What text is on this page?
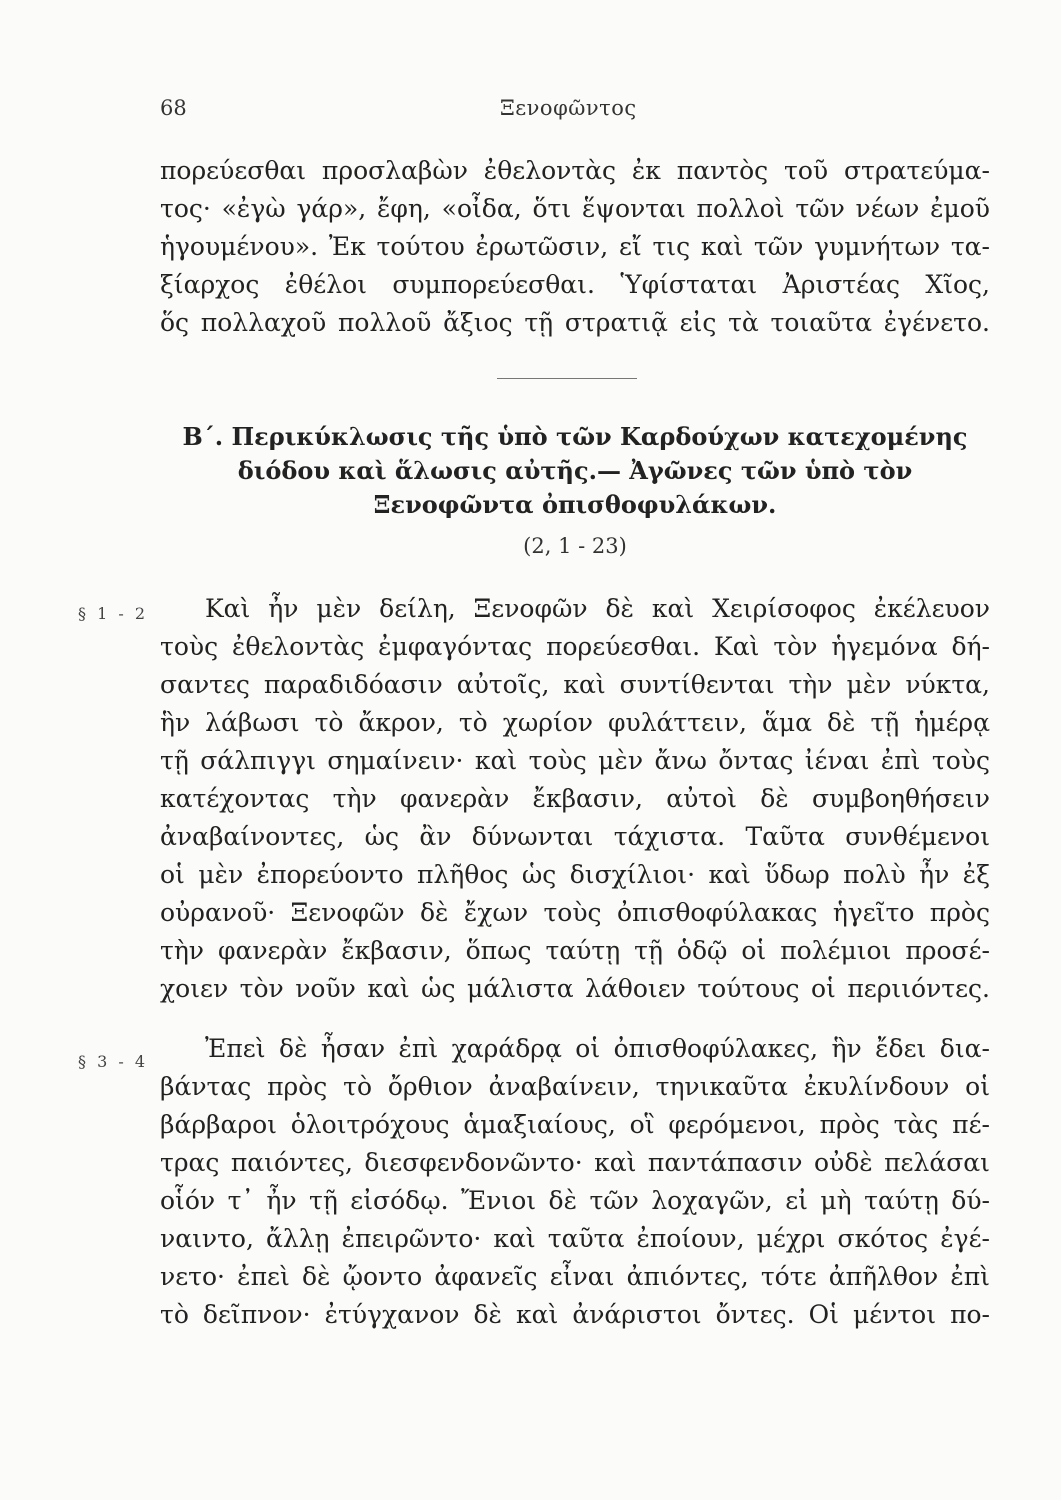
68	Ξενοφῶντος
πορεύεσθαι προσλαβὼν ἐθελοντὰς ἐκ παντὸς τοῦ στρατεύμα-
τος· «ἐγὼ γάρ», ἔφη, «οἶδα, ὅτι ἕψονται πολλοὶ τῶν νέων ἐμοῦ
ἡγουμένου». Ἐκ τούτου ἐρωτῶσιν, εἴ τις καὶ τῶν γυμνήτων τα-
ξίαρχος ἐθέλοι συμπορεύεσθαι. Ὑφίσταται Ἀριστέας Χῖος,
ὅς πολλαχοῦ πολλοῦ ἄξιος τῇ στρατιᾷ εἰς τὰ τοιαῦτα ἐγένετο.
Β΄. Περικύκλωσις τῆς ὑπὸ τῶν Καρδούχων κατεχομένης
διόδου καὶ ἅλωσις αὐτῆς.— Ἀγῶνες τῶν ὑπὸ τὸν
Ξενοφῶντα ὀπισθοφυλάκων.
(2, 1 - 23)
§ 1 - 2
§ 3 - 4
Καὶ ἦν μὲν δείλη, Ξενοφῶν δὲ καὶ Χειρίσοφος ἐκέλευον
τοὺς ἐθελοντὰς ἐμφαγόντας πορεύεσθαι. Καὶ τὸν ἡγεμόνα δή-
σαντες παραδιδόασιν αὐτοῖς, καὶ συντίθενται τὴν μὲν νύκτα,
ἣν λάβωσι τὸ ἄκρον, τὸ χωρίον φυλάττειν, ἅμα δὲ τῇ ἡμέρᾳ
τῇ σάλπιγγι σημαίνειν· καὶ τοὺς μὲν ἄνω ὄντας ἰέναι ἐπὶ τοὺς
κατέχοντας τὴν φανερὰν ἔκβασιν, αὐτοὶ δὲ συμβοηθήσειν
ἀναβαίνοντες, ὡς ἂν δύνωνται τάχιστα. Ταῦτα συνθέμενοι
οἱ μὲν ἐπορεύοντο πλῆθος ὡς δισχίλιοι· καὶ ὕδωρ πολὺ ἦν ἐξ
οὐρανοῦ· Ξενοφῶν δὲ ἔχων τοὺς ὀπισθοφύλακας ἡγεῖτο πρὸς
τὴν φανερὰν ἔκβασιν, ὅπως ταύτῃ τῇ ὁδῷ οἱ πολέμιοι προσέ-
χοιεν τὸν νοῦν καὶ ὡς μάλιστα λάθοιεν τούτους οἱ περιιόντες.
Ἐπεὶ δὲ ἦσαν ἐπὶ χαράδρᾳ οἱ ὀπισθοφύλακες, ἣν ἔδει δια-
βάντας πρὸς τὸ ὄρθιον ἀναβαίνειν, τηνικαῦτα ἐκυλίνδουν οἱ
βάρβαροι ὁλοιτρόχους ἁμαξιαίους, οἳ φερόμενοι, πρὸς τὰς πέ-
τρας παιόντες, διεσφενδονῶντο· καὶ παντάπασιν οὐδὲ πελάσαι
οἷόν τ᾿ ἦν τῇ εἰσόδῳ. Ἔνιοι δὲ τῶν λοχαγῶν, εἰ μὴ ταύτῃ δύ-
ναιντο, ἄλλῃ ἐπειρῶντο· καὶ ταῦτα ἐποίουν, μέχρι σκότος ἐγέ-
νετο· ἐπεὶ δὲ ᾤοντο ἀφανεῖς εἶναι ἀπιόντες, τότε ἀπῆλθον ἐπὶ
τὸ δεῖπνον· ἐτύγχανον δὲ καὶ ἀνάριστοι ὄντες. Οἱ μέντοι πο-
